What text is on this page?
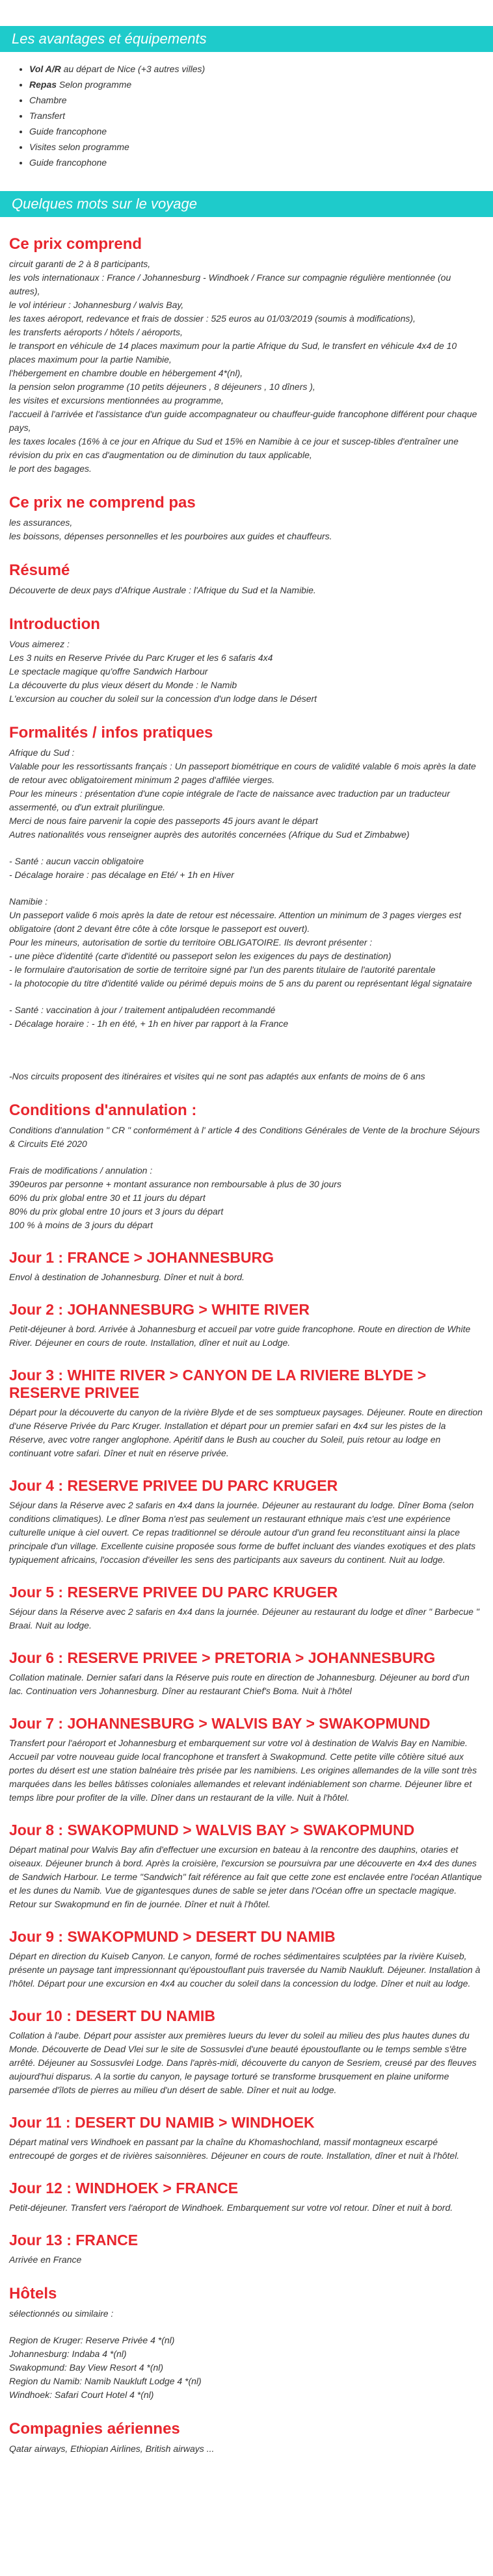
Les avantages et équipements
• Vol A/R au départ de Nice (+3 autres villes)
• Repas Selon programme
• Chambre
• Transfert
• Guide francophone
• Visites selon programme
• Guide francophone
Quelques mots sur le voyage
Ce prix comprend

circuit garanti de 2 à 8 participants,

les vols internationaux : France / Johannesburg - Windhoek / France sur compagnie régulière mentionnée (ou autres),

le vol intérieur : Johannesburg / walvis Bay,

les taxes aéroport, redevance et frais de dossier : 525 euros au 01/03/2019 (soumis à modifications),

les transferts aéroports / hôtels / aéroports,

le transport en véhicule de 14 places maximum pour la partie Afrique du Sud, le transfert en véhicule 4x4 de 10 places maximum pour la partie Namibie,

l'hébergement en chambre double en hébergement 4*(nl),

la pension selon programme (10 petits déjeuners , 8 déjeuners , 10 dîners ),

les visites et excursions mentionnées au programme,

l'accueil à l'arrivée et l'assistance d'un guide accompagnateur ou chauffeur-guide francophone différent pour chaque pays,

les taxes locales (16% à ce jour en Afrique du Sud et 15% en Namibie à ce jour et suscep-tibles d'entraîner une révision du prix en cas d'augmentation ou de diminution du taux applicable,

le port des bagages.

Ce prix ne comprend pas

les assurances,

les boissons, dépenses personnelles et les pourboires aux guides et chauffeurs.

Résumé

Découverte de deux pays d'Afrique Australe : l'Afrique du Sud et la Namibie.

Introduction

Vous aimerez :

Les 3 nuits en Reserve Privée du Parc Kruger et les 6 safaris 4x4

Le spectacle magique qu'offre Sandwich Harbour

La découverte du plus vieux désert du Monde : le Namib

L'excursion au coucher du soleil sur la concession d'un lodge dans le Désert

Formalités / infos pratiques

Afrique du Sud :

Valable pour les ressortissants français : Un passeport biométrique en cours de validité valable 6 mois après la date de retour avec obligatoirement minimum 2 pages d'affilée vierges.

Pour les mineurs : présentation d'une copie intégrale de l'acte de naissance avec traduction par un traducteur assermenté, ou d'un extrait plurilingue.

Merci de nous faire parvenir la copie des passeports 45 jours avant le départ

Autres nationalités vous renseigner auprès des autorités concernées (Afrique du Sud et Zimbabwe)

- Santé : aucun vaccin obligatoire

- Décalage horaire : pas décalage en Eté/ + 1h en Hiver

Namibie :

Un passeport valide 6 mois après la date de retour est nécessaire. Attention un minimum de 3 pages vierges est obligatoire (dont 2 devant être côte à côte lorsque le passeport est ouvert).

Pour les mineurs, autorisation de sortie du territoire OBLIGATOIRE. Ils devront présenter :

- une pièce d'identité (carte d'identité ou passeport selon les exigences du pays de destination)

- le formulaire d'autorisation de sortie de territoire signé par l'un des parents titulaire de l'autorité parentale

- la photocopie du titre d'identité valide ou périmé depuis moins de 5 ans du parent ou représentant légal signataire

- Santé : vaccination à jour / traitement antipaludéen recommandé

- Décalage horaire : - 1h en été, + 1h en hiver par rapport à la France

-Nos circuits proposent des itinéraires et visites qui ne sont pas adaptés aux enfants de moins de 6 ans

Conditions d'annulation :

Conditions d'annulation " CR " conformément à l' article 4 des Conditions Générales de Vente de la brochure Séjours & Circuits Eté 2020

Frais de modifications / annulation :

390euros par personne + montant assurance non remboursable à plus de 30 jours

60% du prix global entre 30 et 11 jours du départ

80% du prix global entre 10 jours et 3 jours du départ

100 % à moins de 3 jours du départ

Jour 1 : FRANCE > JOHANNESBURG

Envol à destination de Johannesburg. Dîner et nuit à bord.

Jour 2 : JOHANNESBURG > WHITE RIVER

Petit-déjeuner à bord. Arrivée à Johannesburg et accueil par votre guide francophone. Route en direction de White River. Déjeuner en cours de route. Installation, dîner et nuit au Lodge.

Jour 3 : WHITE RIVER > CANYON DE LA RIVIERE BLYDE > RESERVE PRIVEE

Départ pour la découverte du canyon de la rivière Blyde et de ses somptueux paysages. Déjeuner. Route en direction d'une Réserve Privée du Parc Kruger. Installation et départ pour un premier safari en 4x4 sur les pistes de la Réserve, avec votre ranger anglophone. Apéritif dans le Bush au coucher du Soleil, puis retour au lodge en continuant votre safari. Dîner et nuit en réserve privée.

Jour 4 : RESERVE PRIVEE DU PARC KRUGER

Séjour dans la Réserve avec 2 safaris en 4x4 dans la journée. Déjeuner au restaurant du lodge. Dîner Boma (selon conditions climatiques). Le dîner Boma n'est pas seulement un restaurant ethnique mais c'est une expérience culturelle unique à ciel ouvert. Ce repas traditionnel se déroule autour d'un grand feu reconstituant ainsi la place principale d'un village. Excellente cuisine proposée sous forme de buffet incluant des viandes exotiques et des plats typiquement africains, l'occasion d'éveiller les sens des participants aux saveurs du continent. Nuit au lodge.

Jour 5 : RESERVE PRIVEE DU PARC KRUGER

Séjour dans la Réserve avec 2 safaris en 4x4 dans la journée. Déjeuner au restaurant du lodge et dîner " Barbecue " Braai. Nuit au lodge.

Jour 6 : RESERVE PRIVEE > PRETORIA > JOHANNESBURG

Collation matinale. Dernier safari dans la Réserve puis route en direction de Johannesburg. Déjeuner au bord d'un lac. Continuation vers Johannesburg. Dîner au restaurant Chief's Boma. Nuit à l'hôtel

Jour 7 : JOHANNESBURG > WALVIS BAY > SWAKOPMUND

Transfert pour l'aéroport et Johannesburg et embarquement sur votre vol à destination de Walvis Bay en Namibie. Accueil par votre nouveau guide local francophone et transfert à Swakopmund. Cette petite ville côtière situé aux portes du désert est une station balnéaire très prisée par les namibiens. Les origines allemandes de la ville sont très marquées dans les belles bâtisses coloniales allemandes et relevant indéniablement son charme. Déjeuner libre et temps libre pour profiter de la ville. Dîner dans un restaurant de la ville. Nuit à l'hôtel.

Jour 8 : SWAKOPMUND > WALVIS BAY > SWAKOPMUND

Départ matinal pour Walvis Bay afin d'effectuer une excursion en bateau à la rencontre des dauphins, otaries et oiseaux. Déjeuner brunch à bord. Après la croisière, l'excursion se poursuivra par une découverte en 4x4 des dunes de Sandwich Harbour. Le terme "Sandwich" fait référence au fait que cette zone est enclavée entre l'océan Atlantique et les dunes du Namib. Vue de gigantesques dunes de sable se jeter dans l'Océan offre un spectacle magique. Retour sur Swakopmund en fin de journée. Dîner et nuit à l'hôtel.

Jour 9 : SWAKOPMUND > DESERT DU NAMIB

Départ en direction du Kuiseb Canyon. Le canyon, formé de roches sédimentaires sculptées par la rivière Kuiseb, présente un paysage tant impressionnant qu'époustouflant puis traversée du Namib Naukluft. Déjeuner. Installation à l'hôtel. Départ pour une excursion en 4x4 au coucher du soleil dans la concession du lodge. Dîner et nuit au lodge.

Jour 10 : DESERT DU NAMIB

Collation à l'aube. Départ pour assister aux premières lueurs du lever du soleil au milieu des plus hautes dunes du Monde. Découverte de Dead Vlei sur le site de Sossusvlei d'une beauté époustouflante ou le temps semble s'être arrêté. Déjeuner au Sossusvlei Lodge. Dans l'après-midi, découverte du canyon de Sesriem, creusé par des fleuves aujourd'hui disparus. A la sortie du canyon, le paysage torturé se transforme brusquement en plaine uniforme parsemée d'îlots de pierres au milieu d'un désert de sable. Dîner et nuit au lodge.

Jour 11 : DESERT DU NAMIB > WINDHOEK

Départ matinal vers Windhoek en passant par la chaîne du Khomashochland, massif montagneux escarpé entrecoupé de gorges et de rivières saisonnières. Déjeuner en cours de route. Installation, dîner et nuit à l'hôtel.

Jour 12 : WINDHOEK > FRANCE

Petit-déjeuner. Transfert vers l'aéroport de Windhoek. Embarquement sur votre vol retour. Dîner et nuit à bord.

Jour 13 : FRANCE

Arrivée en France

Hôtels

sélectionnés ou similaire :

Region de Kruger: Reserve Privée 4 *(nl)

Johannesburg: Indaba 4 *(nl)

Swakopmund: Bay View Resort 4 *(nl)

Region du Namib: Namib Naukluft Lodge 4 *(nl)

Windhoek: Safari Court Hotel 4 *(nl)

Compagnies aériennes

Qatar airways, Ethiopian Airlines, British airways ...
